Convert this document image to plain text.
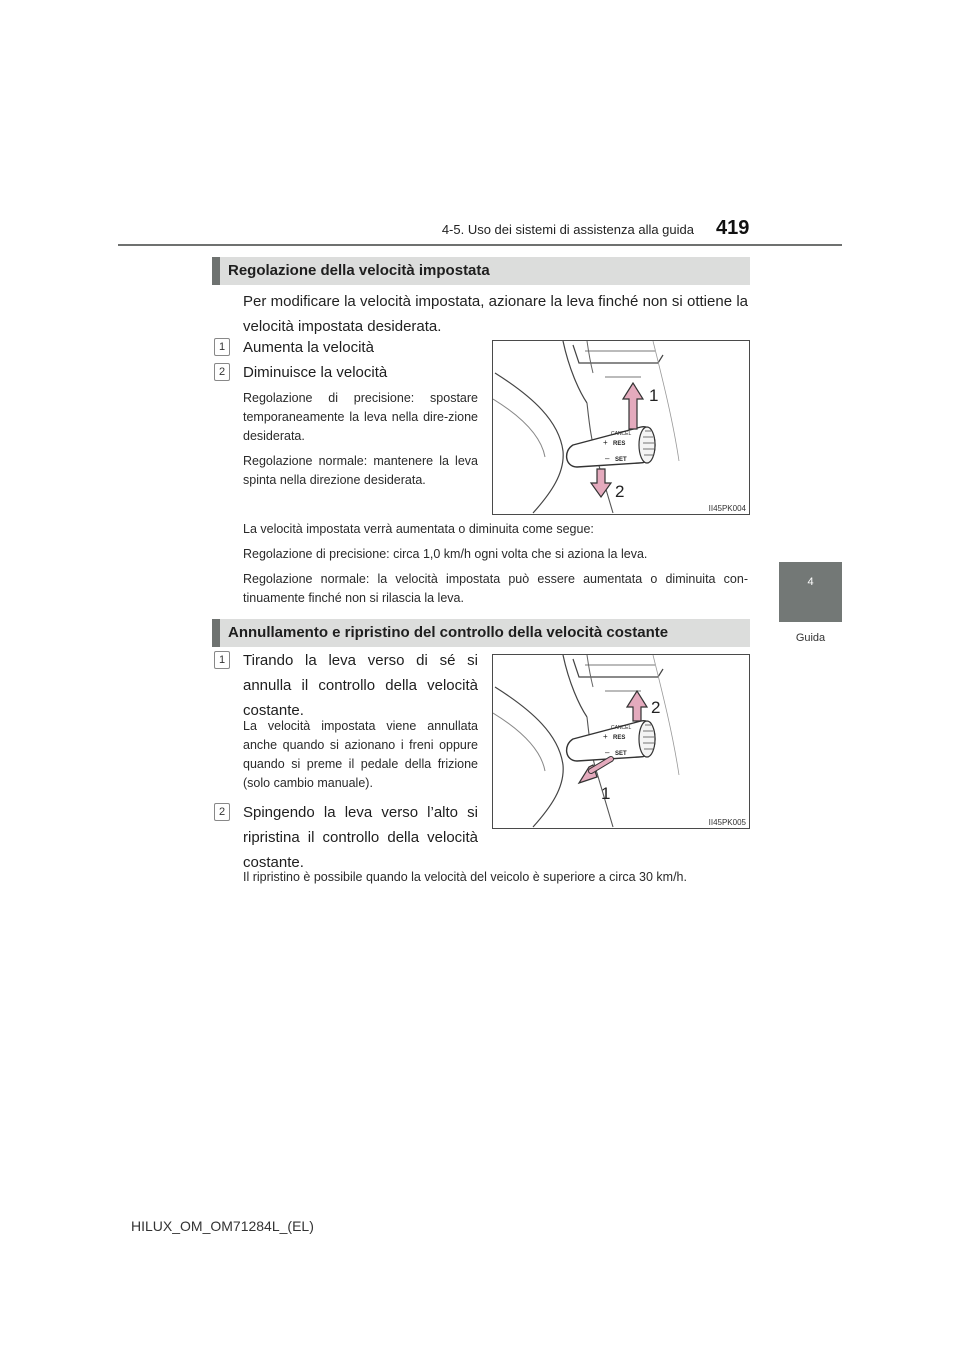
4-5. Uso dei sistemi di assistenza alla guida 419
4
Guida
Regolazione della velocità impostata
Per modificare la velocità impostata, azionare la leva finché non si ottiene la velocità impostata desiderata.
1	Aumenta la velocità
2	Diminuisce la velocità
Regolazione di precisione: spostare temporaneamente la leva nella dire-zione desiderata.
Regolazione normale: mantenere la leva spinta nella direzione desiderata.
CANCEL
+ RES
– SET
1
2
II45PK004
La velocità impostata verrà aumentata o diminuita come segue:
Regolazione di precisione: circa 1,0 km/h ogni volta che si aziona la leva.
Regolazione normale: la velocità impostata può essere aumentata o diminuita con-tinuamente finché non si rilascia la leva.
Annullamento e ripristino del controllo della velocità costante
1	Tirando la leva verso di sé si annulla il controllo della velocità costante.
La velocità impostata viene annullata anche quando si azionano i freni oppure quando si preme il pedale della frizione (solo cambio manuale).
2	Spingendo la leva verso l’alto si ripristina il controllo della velocità costante.
Il ripristino è possibile quando la velocità del veicolo è superiore a circa 30 km/h.
CANCEL
+ RES
– SET
2
1
II45PK005
HILUX_OM_OM71284L_(EL)
